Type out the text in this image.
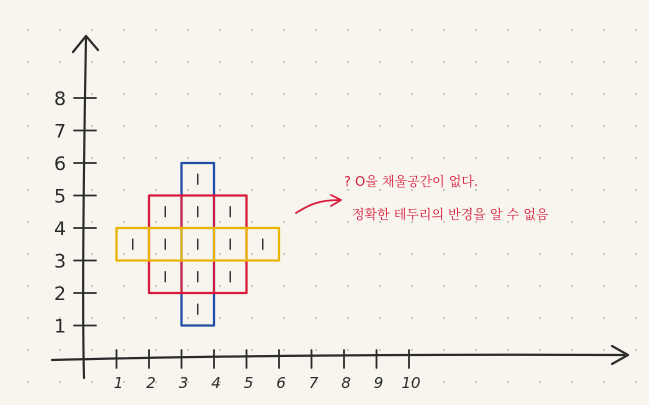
1 2 3 4 5 6 7 8 9 10
1
2
3
4
5
6
7
8
? O을 채울공간이 없다.
정확한 테두리의 반경을 알 수 없음
